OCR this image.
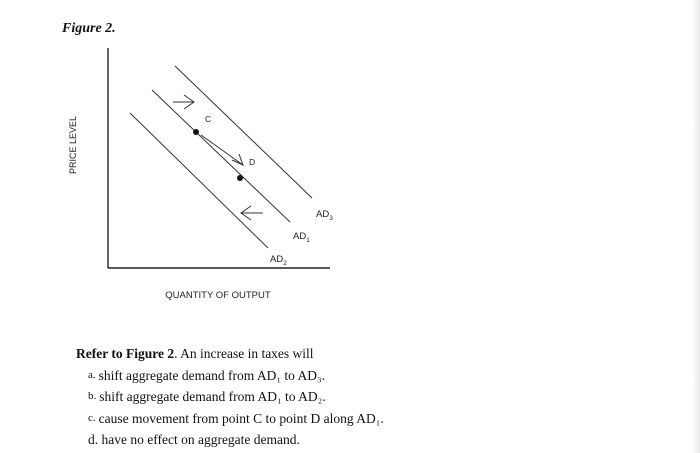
Figure 2.
PRICE LEVEL
QUANTITY OF OUTPUT
$AD_2$
$AD_1$
$AD_3$
C
D
Refer to Figure 2. An increase in taxes will
a. shift aggregate demand from AD₁ to AD₃.
b. shift aggregate demand from AD₁ to AD₂.
c. cause movement from point C to point D along AD₁.
d. have no effect on aggregate demand.
